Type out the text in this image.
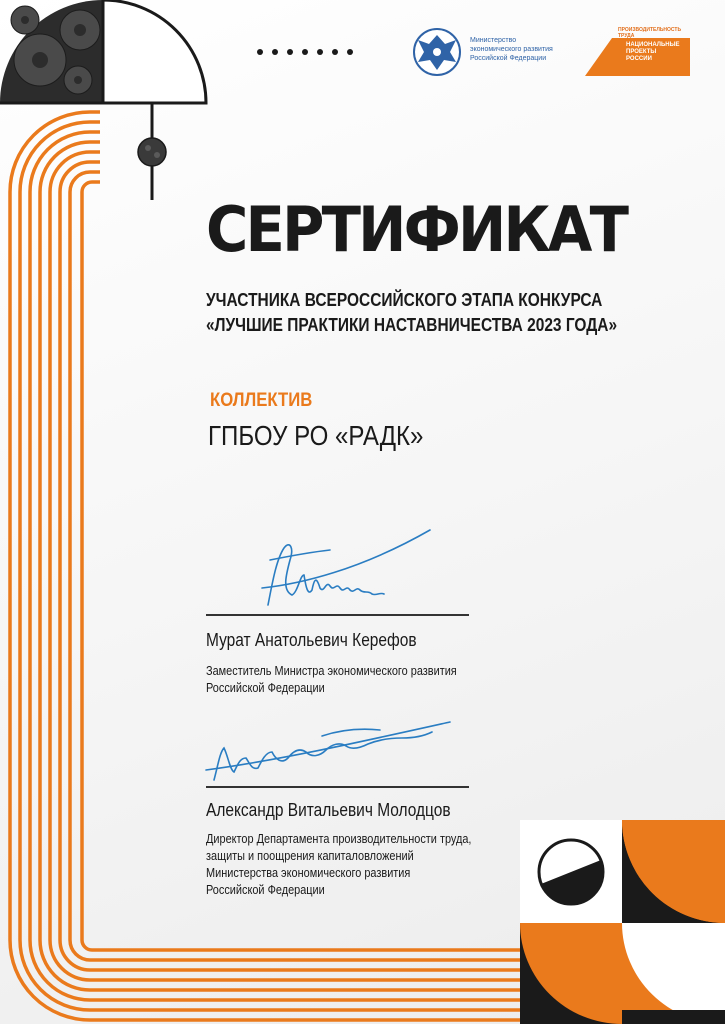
Министерство
экономического развития
Российской Федерации
ПРОИЗВОДИТЕЛЬНОСТЬ ТРУДА
НАЦИОНАЛЬНЫЕ
ПРОЕКТЫ
РОССИИ
СЕРТИФИКАТ
УЧАСТНИКА ВСЕРОССИЙСКОГО ЭТАПА КОНКУРСА
«ЛУЧШИЕ ПРАКТИКИ НАСТАВНИЧЕСТВА 2023 ГОДА»
КОЛЛЕКТИВ
ГПБОУ РО «РАДК»
Мурат Анатольевич Керефов
Заместитель Министра экономического развития
Российской Федерации
Александр Витальевич Молодцов
Директор Департамента производительности труда,
защиты и поощрения капиталовложений
Министерства экономического развития
Российской Федерации
